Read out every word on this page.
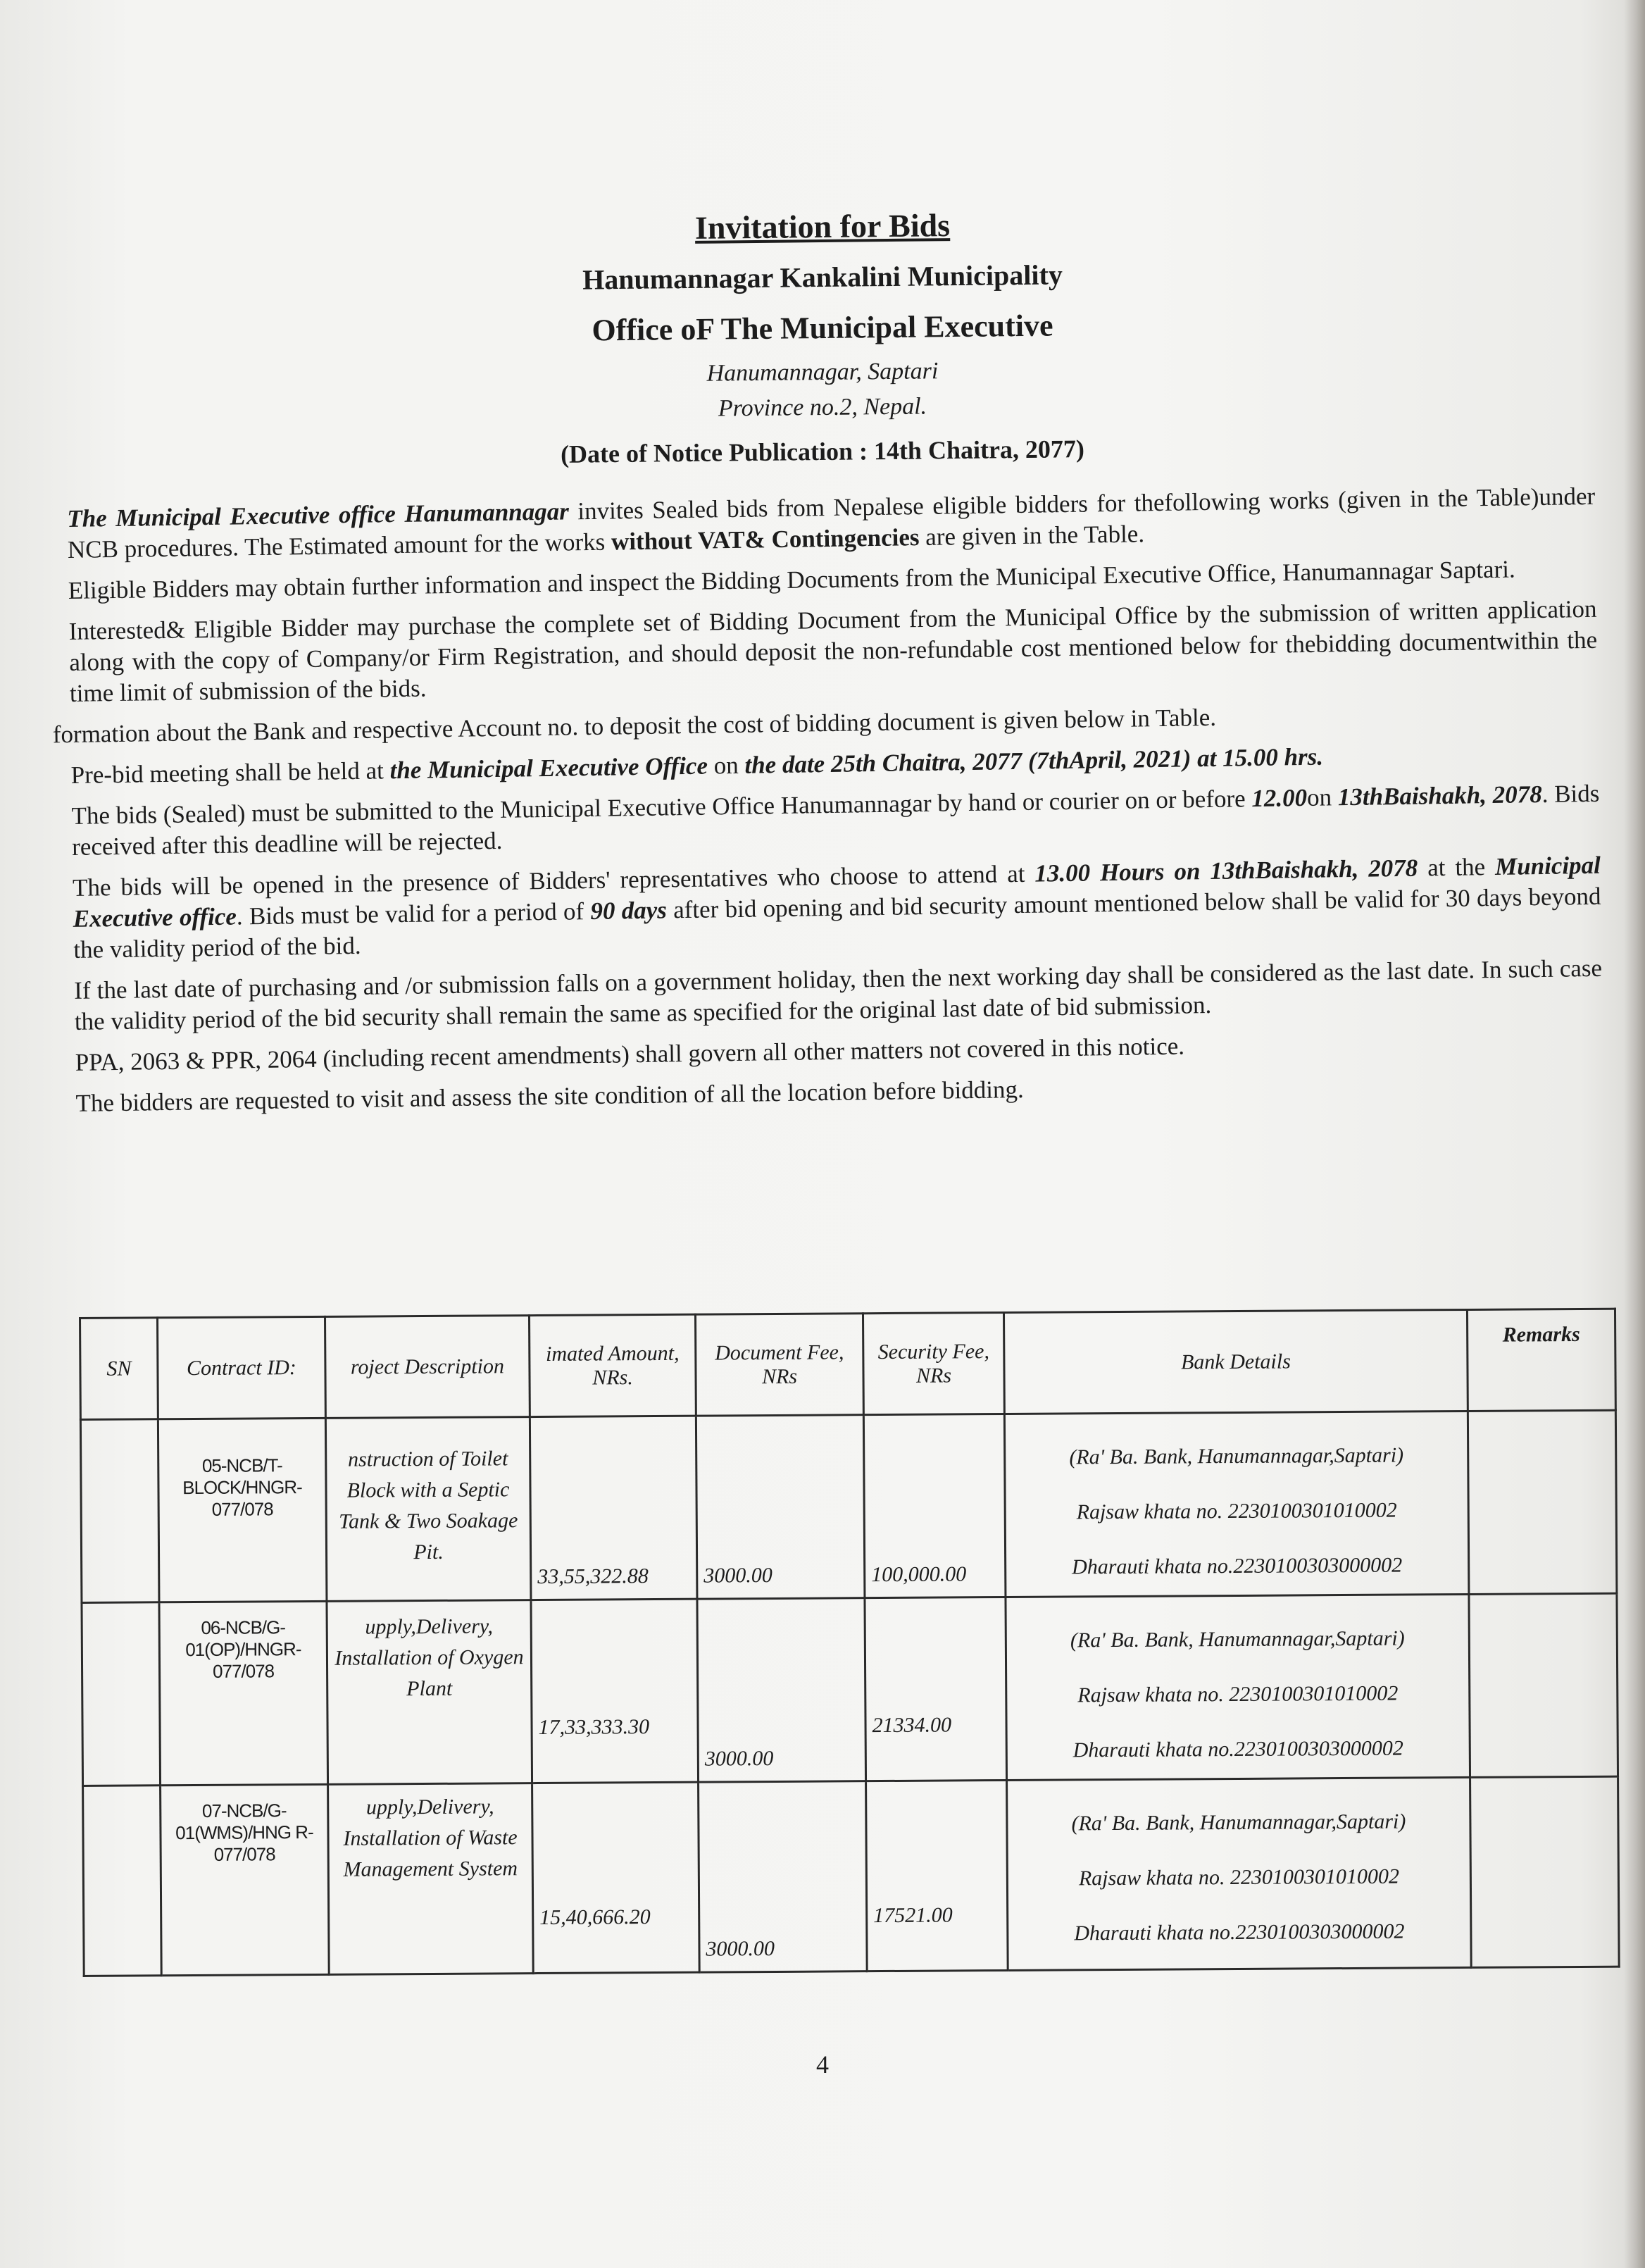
Invitation for Bids
Hanumannagar Kankalini Municipality
Office oF The Municipal Executive
Hanumannagar, Saptari
Province no.2, Nepal.
(Date of Notice Publication : 14th Chaitra, 2077)

The Municipal Executive office Hanumannagar invites Sealed bids from Nepalese eligible bidders for thefollowing works (given in the Table)under NCB procedures. The Estimated amount for the works without VAT& Contingencies are given in the Table.

Eligible Bidders may obtain further information and inspect the Bidding Documents from the Municipal Executive Office, Hanumannagar Saptari.

Interested& Eligible Bidder may purchase the complete set of Bidding Document from the Municipal Office by the submission of written application along with the copy of Company/or Firm Registration, and should deposit the non-refundable cost mentioned below for thebidding documentwithin the time limit of submission of the bids.

formation about the Bank and respective Account no. to deposit the cost of bidding document is given below in Table.

Pre-bid meeting shall be held at the Municipal Executive Office on the date 25th Chaitra, 2077 (7thApril, 2021) at 15.00 hrs.

The bids (Sealed) must be submitted to the Municipal Executive Office Hanumannagar by hand or courier on or before 12.00on 13thBaishakh, 2078. Bids received after this deadline will be rejected.

The bids will be opened in the presence of Bidders' representatives who choose to attend at 13.00 Hours on 13thBaishakh, 2078 at the Municipal Executive office. Bids must be valid for a period of 90 days after bid opening and bid security amount mentioned below shall be valid for 30 days beyond the validity period of the bid.

If the last date of purchasing and /or submission falls on a government holiday, then the next working day shall be considered as the last date. In such case the validity period of the bid security shall remain the same as specified for the original last date of bid submission.

PPA, 2063 & PPR, 2064 (including recent amendments) shall govern all other matters not covered in this notice.

The bidders are requested to visit and assess the site condition of all the location before bidding.

SN	Contract ID:	roject Description	imated Amount, NRs.	Document Fee, NRs	Security Fee, NRs	Bank Details	Remarks
	05-NCB/T-BLOCK/HNGR-077/078	nstruction of Toilet Block with a Septic Tank & Two Soakage Pit.	33,55,322.88	3000.00	100,000.00	(Ra' Ba. Bank, Hanumannagar,Saptari)
Rajsaw khata no. 2230100301010002
Dharauti khata no.2230100303000002	

	06-NCB/G-01(OP)/HNGR-077/078	upply,Delivery, Installation of Oxygen Plant	17,33,333.30	3000.00	21334.00	(Ra' Ba. Bank, Hanumannagar,Saptari)
Rajsaw khata no. 2230100301010002
Dharauti khata no.2230100303000002	

	07-NCB/G-01(WMS)/HNG R-077/078	upply,Delivery, Installation of Waste Management System	15,40,666.20	3000.00	17521.00	(Ra' Ba. Bank, Hanumannagar,Saptari)
Rajsaw khata no. 2230100301010002
Dharauti khata no.2230100303000002	

4
